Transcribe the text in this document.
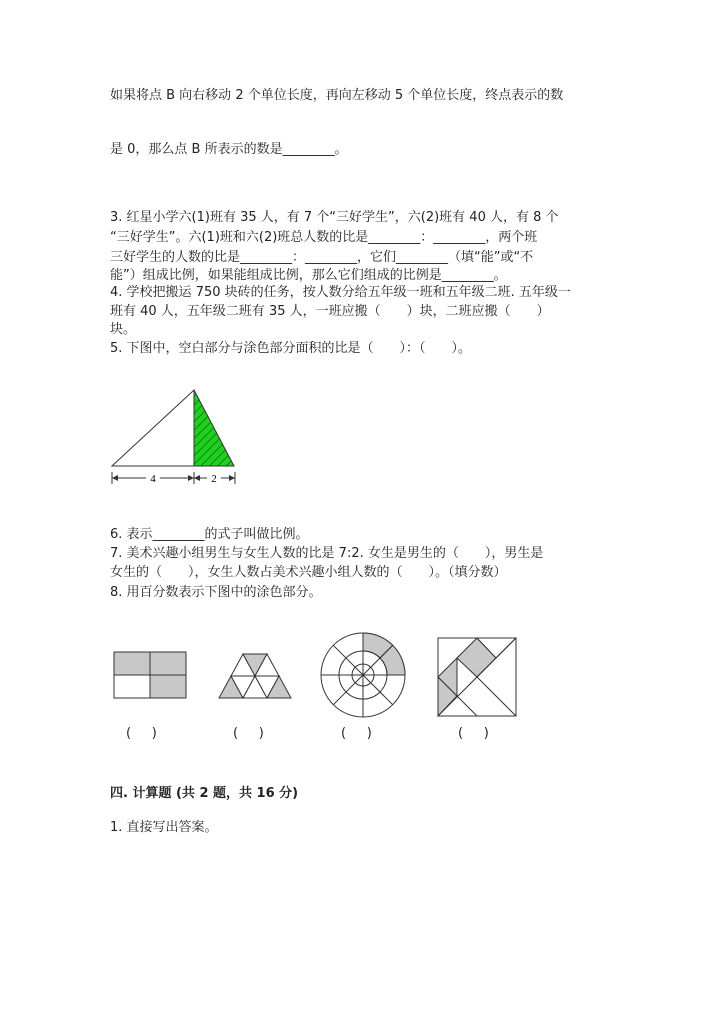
如果将点 B 向右移动 2 个单位长度，再向左移动 5 个单位长度，终点表示的数
是 0，那么点 B 所表示的数是________。
3. 红星小学六(1)班有 35 人，有 7 个“三好学生”，六(2)班有 40 人，有 8 个
“三好学生”。六(1)班和六(2)班总人数的比是________：________，两个班
三好学生的人数的比是________：________，它们________（填“能”或“不
能”）组成比例，如果能组成比例，那么它们组成的比例是________。
4. 学校把搬运 750 块砖的任务，按人数分给五年级一班和五年级二班. 五年级一
班有 40 人，五年级二班有 35 人，一班应搬（　　）块，二班应搬（　　）
块。
5. 下图中，空白部分与涂色部分面积的比是（　　）：（　　）。
4	2
6. 表示________的式子叫做比例。
7. 美术兴趣小组男生与女生人数的比是 7:2. 女生是男生的（　　），男生是
女生的（　　），女生人数占美术兴趣小组人数的（　　）。（填分数）
8. 用百分数表示下图中的涂色部分。
(     )	(     )	(     )	(     )
四. 计算题 (共 2 题，共 16 分)
1. 直接写出答案。
